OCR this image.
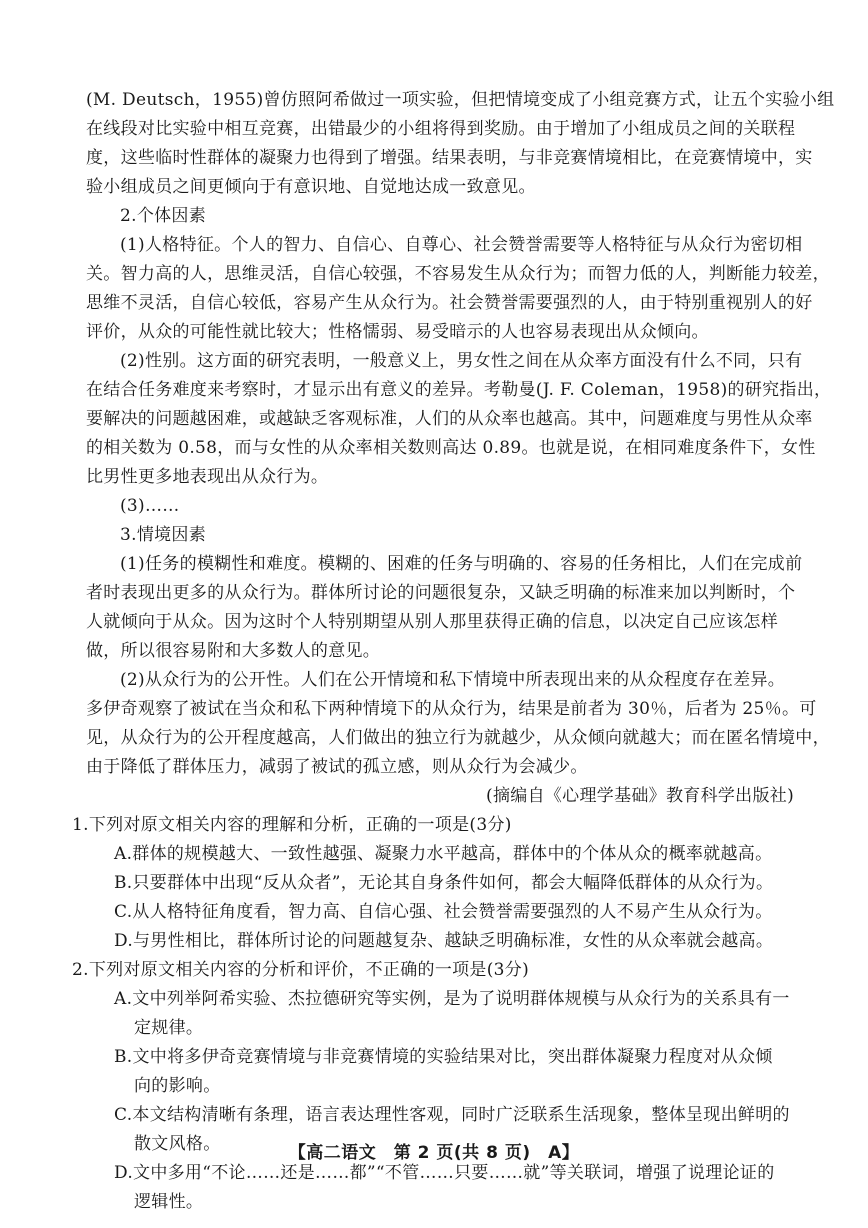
(M. Deutsch，1955)曾仿照阿希做过一项实验，但把情境变成了小组竞赛方式，让五个实验小组
在线段对比实验中相互竞赛，出错最少的小组将得到奖励。由于增加了小组成员之间的关联程
度，这些临时性群体的凝聚力也得到了增强。结果表明，与非竞赛情境相比，在竞赛情境中，实
验小组成员之间更倾向于有意识地、自觉地达成一致意见。
2.个体因素
(1)人格特征。个人的智力、自信心、自尊心、社会赞誉需要等人格特征与从众行为密切相
关。智力高的人，思维灵活，自信心较强，不容易发生从众行为；而智力低的人，判断能力较差，
思维不灵活，自信心较低，容易产生从众行为。社会赞誉需要强烈的人，由于特别重视别人的好
评价，从众的可能性就比较大；性格懦弱、易受暗示的人也容易表现出从众倾向。
(2)性别。这方面的研究表明，一般意义上，男女性之间在从众率方面没有什么不同，只有
在结合任务难度来考察时，才显示出有意义的差异。考勒曼(J. F. Coleman，1958)的研究指出，
要解决的问题越困难，或越缺乏客观标准，人们的从众率也越高。其中，问题难度与男性从众率
的相关数为 0.58，而与女性的从众率相关数则高达 0.89。也就是说，在相同难度条件下，女性
比男性更多地表现出从众行为。
(3)……
3.情境因素
(1)任务的模糊性和难度。模糊的、困难的任务与明确的、容易的任务相比，人们在完成前
者时表现出更多的从众行为。群体所讨论的问题很复杂，又缺乏明确的标准来加以判断时，个
人就倾向于从众。因为这时个人特别期望从别人那里获得正确的信息，以决定自己应该怎样
做，所以很容易附和大多数人的意见。
(2)从众行为的公开性。人们在公开情境和私下情境中所表现出来的从众程度存在差异。
多伊奇观察了被试在当众和私下两种情境下的从众行为，结果是前者为 30％，后者为 25％。可
见，从众行为的公开程度越高，人们做出的独立行为就越少，从众倾向就越大；而在匿名情境中，
由于降低了群体压力，减弱了被试的孤立感，则从众行为会减少。
(摘编自《心理学基础》教育科学出版社)
1.下列对原文相关内容的理解和分析，正确的一项是(3分)
A.群体的规模越大、一致性越强、凝聚力水平越高，群体中的个体从众的概率就越高。
B.只要群体中出现“反从众者”，无论其自身条件如何，都会大幅降低群体的从众行为。
C.从人格特征角度看，智力高、自信心强、社会赞誉需要强烈的人不易产生从众行为。
D.与男性相比，群体所讨论的问题越复杂、越缺乏明确标准，女性的从众率就会越高。
2.下列对原文相关内容的分析和评价，不正确的一项是(3分)
A.文中列举阿希实验、杰拉德研究等实例，是为了说明群体规模与从众行为的关系具有一
定规律。
B.文中将多伊奇竞赛情境与非竞赛情境的实验结果对比，突出群体凝聚力程度对从众倾
向的影响。
C.本文结构清晰有条理，语言表达理性客观，同时广泛联系生活现象，整体呈现出鲜明的
散文风格。
D.文中多用“不论……还是……都”“不管……只要……就”等关联词，增强了说理论证的
逻辑性。
【高二语文　第 2 页(共 8 页)　A】
